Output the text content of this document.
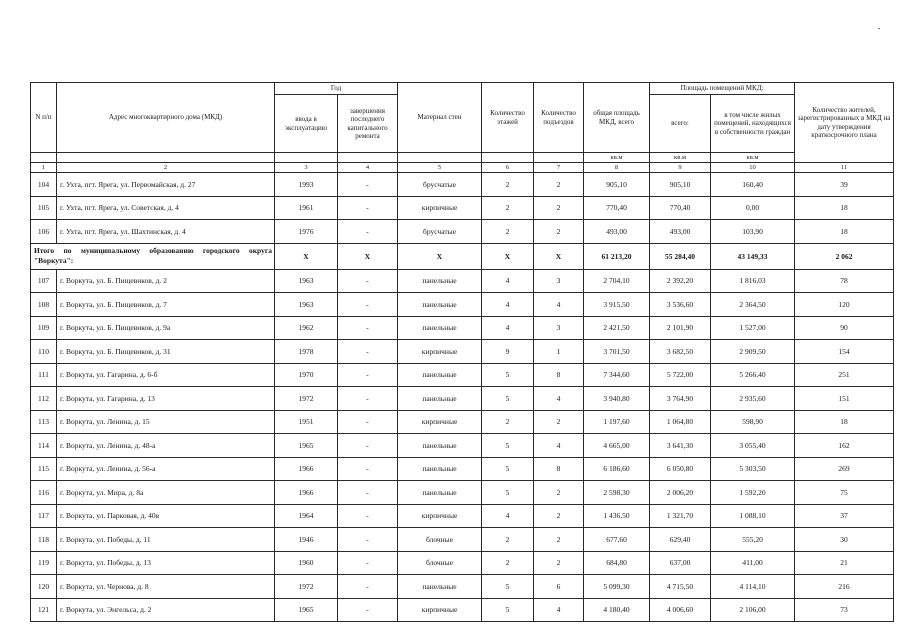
N п/п	Адрес многоквартирного дома (МКД)	Год		Материал стен	Количество этажей	Количество подъездов	общая площадь МКД, всего	Площадь помещений МКД:		Количество жителей, зарегистрированных в МКД на дату утверждения краткосрочного плана
		ввода в эксплуатацию	завершения последнего капитального ремонта					всего:	в том числе жилых помещений, находящихся в собственности граждан	
							кв.м	кв.м	кв.м	
1	2	3	4	5	6	7	8	9	10	11
104	г. Ухта, пгт. Ярега, ул. Первомайская, д. 27	1993	-	брусчатые	2	2	905,10	905,10	160,40	39
105	г. Ухта, пгт. Ярега, ул. Советская, д. 4	1961	-	кирпичные	2	2	770,40	770,40	0,00	18
106	г. Ухта, пгт. Ярега, ул. Шахтинская, д. 4	1976	-	брусчатые	2	2	493,00	493,00	103,90	18
Итого по муниципальному образованию городского округа "Воркута":		X	X	X	X	X	61 213,20	55 284,40	43 149,33	2 062
107	г. Воркута, ул. Б. Пищевиков, д. 2	1963	-	панельные	4	3	2 704,10	2 392,20	1 816,03	78
108	г. Воркута, ул. Б. Пищевиков, д. 7	1963	-	панельные	4	4	3 915,50	3 536,60	2 364,50	120
109	г. Воркута, ул. Б. Пищевиков, д. 9а	1962	-	панельные	4	3	2 421,50	2 101,90	1 527,00	90
110	г. Воркута, ул. Б. Пищевиков, д. 31	1978	-	кирпичные	9	1	3 701,50	3 682,50	2 909,50	154
111	г. Воркута, ул. Гагарина, д. 6-б	1970	-	панельные	5	8	7 344,60	5 722,00	5 266,40	251
112	г. Воркута, ул. Гагарина, д. 13	1972	-	панельные	5	4	3 940,80	3 764,90	2 935,60	151
113	г. Воркута, ул. Ленина, д. 15	1951	-	кирпичные	2	2	1 197,60	1 064,80	598,90	18
114	г. Воркута, ул. Ленина, д. 48-а	1965	-	панельные	5	4	4 665,00	3 641,30	3 055,40	162
115	г. Воркута, ул. Ленина, д. 56-а	1966	-	панельные	5	8	6 186,60	6 050,80	5 303,50	269
116	г. Воркута, ул. Мира, д. 8а	1966	-	панельные	5	2	2 598,30	2 006,20	1 592,20	75
117	г. Воркута, ул. Парковая, д. 40в	1964	-	кирпичные	4	2	1 436,50	1 321,70	1 088,10	37
118	г. Воркута, ул. Победы, д. 11	1946	-	блочные	2	2	677,60	629,40	555,20	30
119	г. Воркута, ул. Победы, д. 13	1960	-	блочные	2	2	684,80	637,00	411,00	21
120	г. Воркута, ул. Чернова, д. 8	1972	-	панельные	5	6	5 099,30	4 715,50	4 114,10	216
121	г. Воркута, ул. Энгельса, д. 2	1965	-	кирпичные	5	4	4 180,40	4 006,60	2 106,00	73
